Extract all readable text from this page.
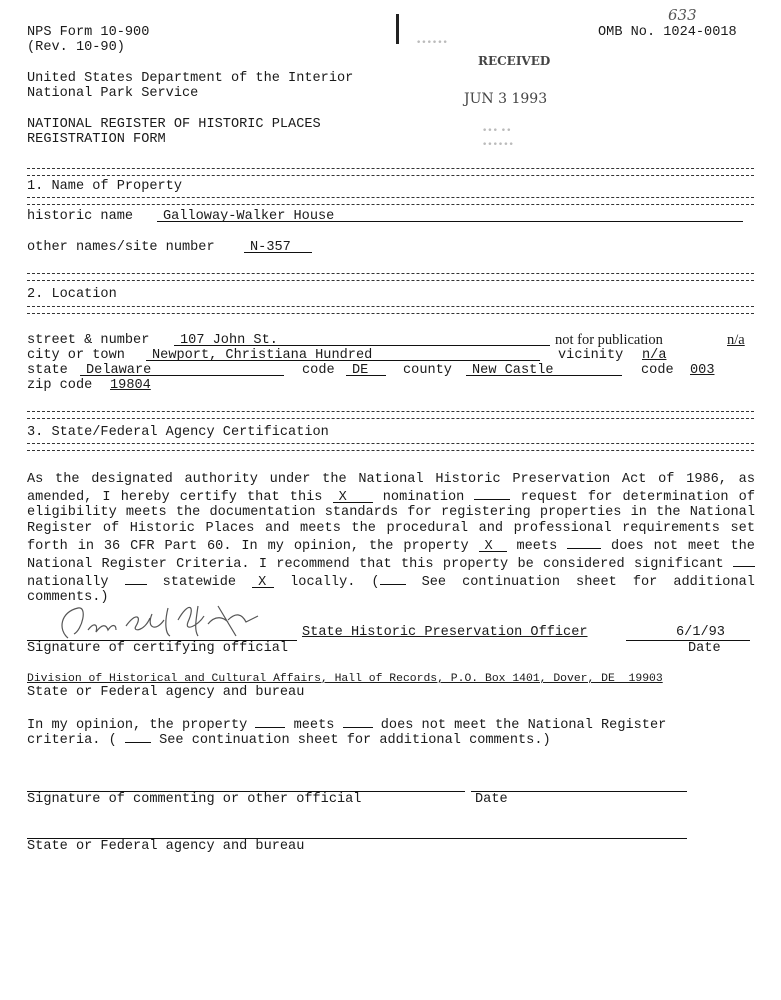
NPS Form 10-900
(Rev. 10-90)
633
OMB No. 1024-0018
••••••
United States Department of the Interior
National Park Service
RECEIVED
JUN 3 1993
NATIONAL REGISTER OF HISTORIC PLACES
REGISTRATION FORM
••• ••
••••••
1. Name of Property
historic name	Galloway-Walker House
other names/site number	N-357
2. Location
street & number	107 John St.	not for publication	n/a
city or town	Newport, Christiana Hundred	vicinity n/a
state	Delaware	code	DE	county	New Castle	code 003
zip code 19804
3. State/Federal Agency Certification
As the designated authority under the National Historic Preservation Act of 1986, as amended, I hereby certify that this X	nomination	request for determination of eligibility meets the documentation standards for registering properties in the National Register of Historic Places and meets the procedural and professional requirements set forth in 36 CFR Part 60. In my opinion, the property X meets	does not meet the National Register Criteria. I recommend that this property be considered significant  nationally	statewide X locally. (	See continuation sheet for additional comments.)
State Historic Preservation Officer	6/1/93
Signature of certifying official	Date
Division of Historical and Cultural Affairs, Hall of Records, P.O. Box 1401, Dover, DE  19903
State or Federal agency and bureau
In my opinion, the property	meets	does not meet the National Register
criteria. (	See continuation sheet for additional comments.)
Signature of commenting or other official	Date
State or Federal agency and bureau
